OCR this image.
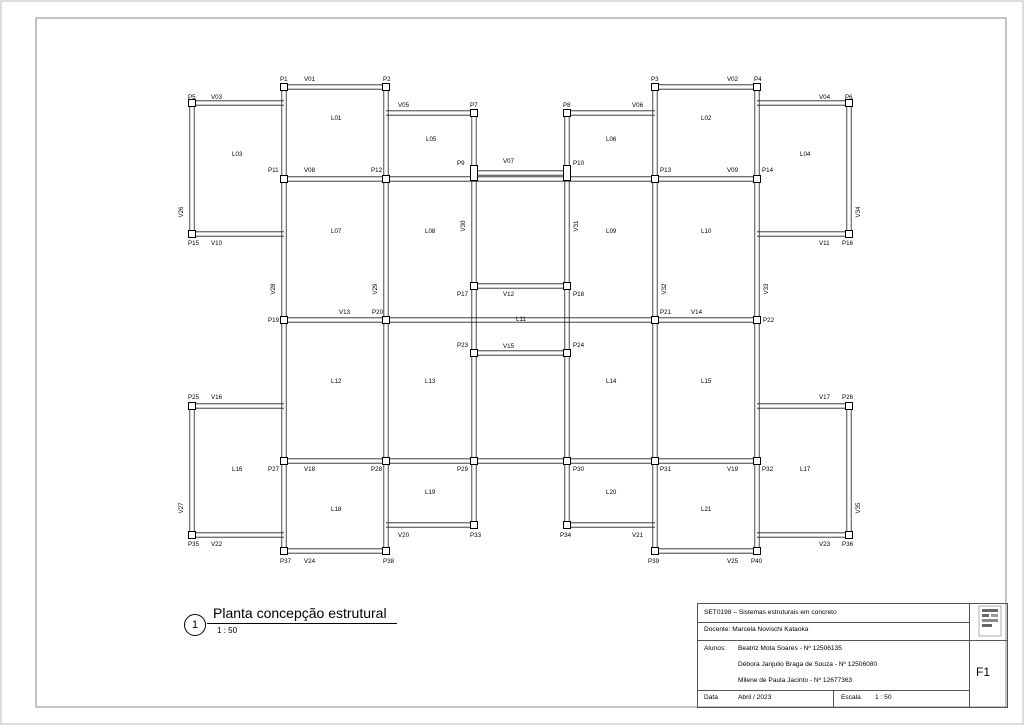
P1	P2	P3	P4
P5	P6
P7	P8
P9	P10
P11	P12	P13	P14
P15	P16
P17	P18
P19
P20	P21
P22
P23	P24
P25	P26
P27	P28	P29	P30	P31	P32
P33	P34
P35	P36
P37	P38	P39	P40
V01	V02
V03	V04
V05	V06
V07
V08	V09
V10	V11
V12
V13	V14
V15
V16	V17
V18	V19
V20	V21
V22	V23
V24	V25
L01	L02
L03	L04
L05	L06
L07	L08	L09	L10
L11
L12	L13	L14	L15
L16	L17
L18
L19	L20
L21
V26
V27
V28	V29
V30	V31
V32	V33
V34
V35
1
Planta concepção estrutural
1 : 50
SET0198 – Sistemas estruturais em concreto
Docente: Marcela Novischi Kataoka
Alunos: Beatriz Mota Soares - Nº 12506135
Débora Janjulio Braga de Souza - Nº 12506080
Milene de Paula Jacinto - Nº 12677363
Data	Abril / 2023	Escala 1 : 50
F1
